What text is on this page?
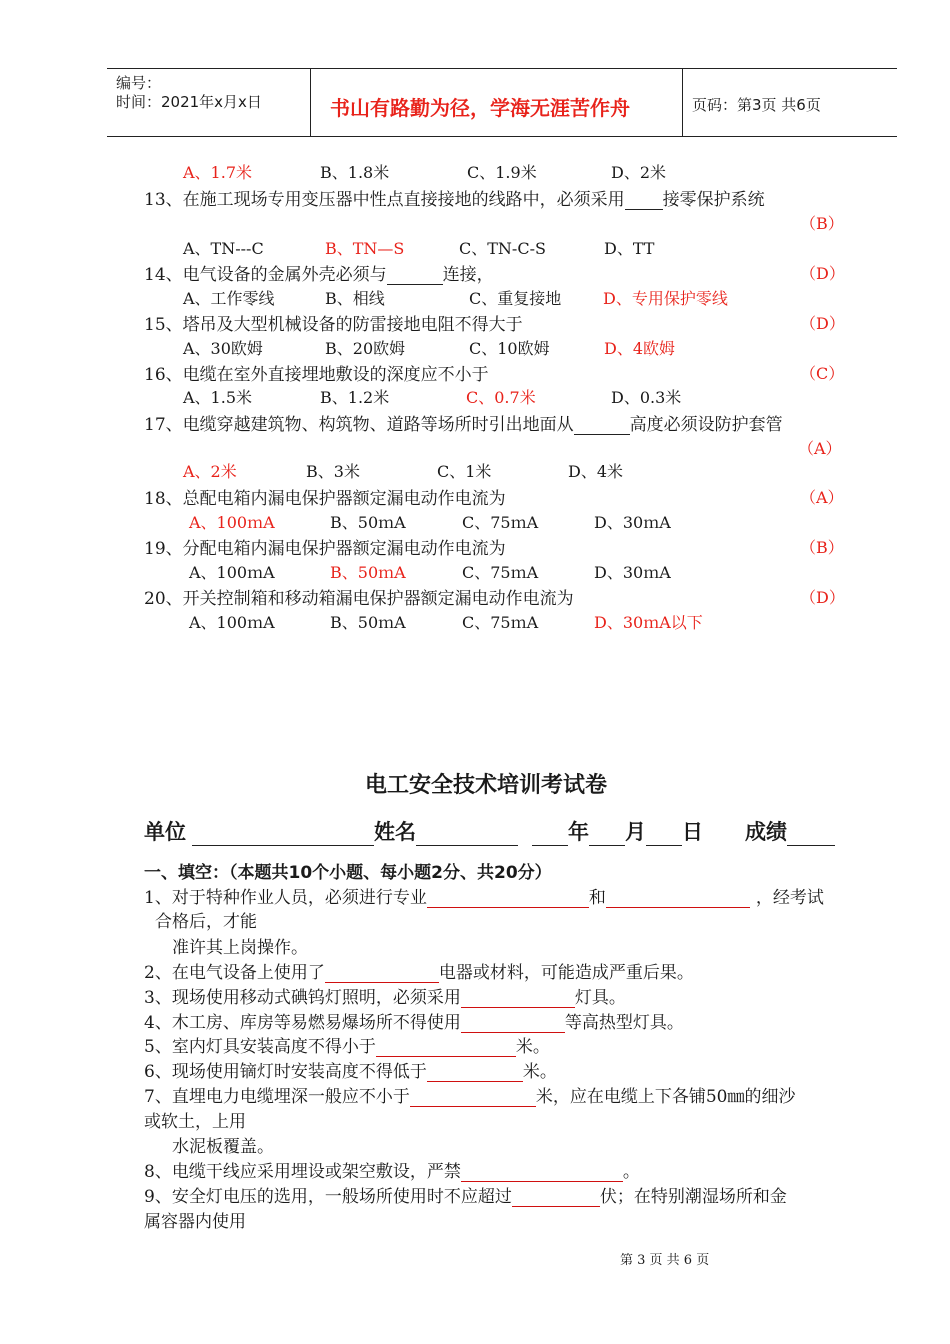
编号：
时间：2021年x月x日	书山有路勤为径，学海无涯苦作舟	页码：第3页 共6页
A、1.7米	B、1.8米	C、1.9米	D、2米
13、在施工现场专用变压器中性点直接接地的线路中，必须采用 接零保护系统
（B）
A、TN---C	B、TN—S	C、TN-C-S	D、TT
14、电气设备的金属外壳必须与	连接，	（D）
A、工作零线	B、相线	C、重复接地	D、专用保护零线
15、塔吊及大型机械设备的防雷接地电阻不得大于	（D）
A、30欧姆	B、20欧姆	C、10欧姆	D、4欧姆
16、电缆在室外直接埋地敷设的深度应不小于	（C）
A、1.5米	B、1.2米	C、0.7米	D、0.3米
17、电缆穿越建筑物、构筑物、道路等场所时引出地面从	高度必须设防护套管
（A）
A、2米	B、3米	C、1米	D、4米
18、总配电箱内漏电保护器额定漏电动作电流为	（A）
A、100ｍA	B、50ｍA	C、75ｍA	D、30ｍA
19、分配电箱内漏电保护器额定漏电动作电流为	（B）
A、100ｍA	B、50ｍA	C、75ｍA	D、30ｍA
20、开关控制箱和移动箱漏电保护器额定漏电动作电流为	（D）
A、100ｍA	B、50ｍA	C、75ｍA	D、30ｍA以下
电工安全技术培训考试卷
单位	姓名	年 月 日 成绩
一、填空：（本题共10个小题、每小题2分、共20分）
1、对于特种作业人员，必须进行专业	和	，经考试
合格后，才能
准许其上岗操作。
2、在电气设备上使用了	电器或材料，可能造成严重后果。
3、现场使用移动式碘钨灯照明，必须采用	灯具。
4、木工房、库房等易燃易爆场所不得使用	等高热型灯具。
5、室内灯具安装高度不得小于	米。
6、现场使用镝灯时安装高度不得低于	米。
7、直埋电力电缆埋深一般应不小于	米，应在电缆上下各铺50㎜的细沙
或软土，上用
水泥板覆盖。
8、电缆干线应采用埋设或架空敷设，严禁	。
9、安全灯电压的选用，一般场所使用时不应超过	伏；在特别潮湿场所和金
属容器内使用
第 3 页 共 6 页
